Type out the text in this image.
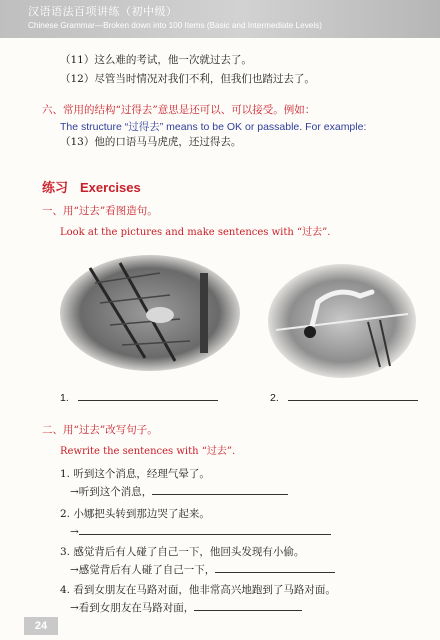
汉语语法百项讲练（初中级）
Chinese Grammar—Broken down into 100 Items (Basic and Intermediate Levels)
（11）这么难的考试，他一次就过去了。
（12）尽管当时情况对我们不利，但我们也踏过去了。
六、常用的结构“过得去”意思是还可以、可以接受。例如：
The structure “过得去” means to be OK or passable. For example:
（13）他的口语马马虎虎，还过得去。
练习 Exercises
一、用“过去”看图造句。
Look at the pictures and make sentences with “过去”.
1.	2.
二、用“过去”改写句子。
Rewrite the sentences with “过去”.
1. 听到这个消息，经理气晕了。
→听到这个消息，
2. 小娜把头转到那边哭了起来。
→
3. 感觉背后有人碰了自己一下，他回头发现有小偷。
→感觉背后有人碰了自己一下，
4. 看到女朋友在马路对面，他非常高兴地跑到了马路对面。
→看到女朋友在马路对面，
24
